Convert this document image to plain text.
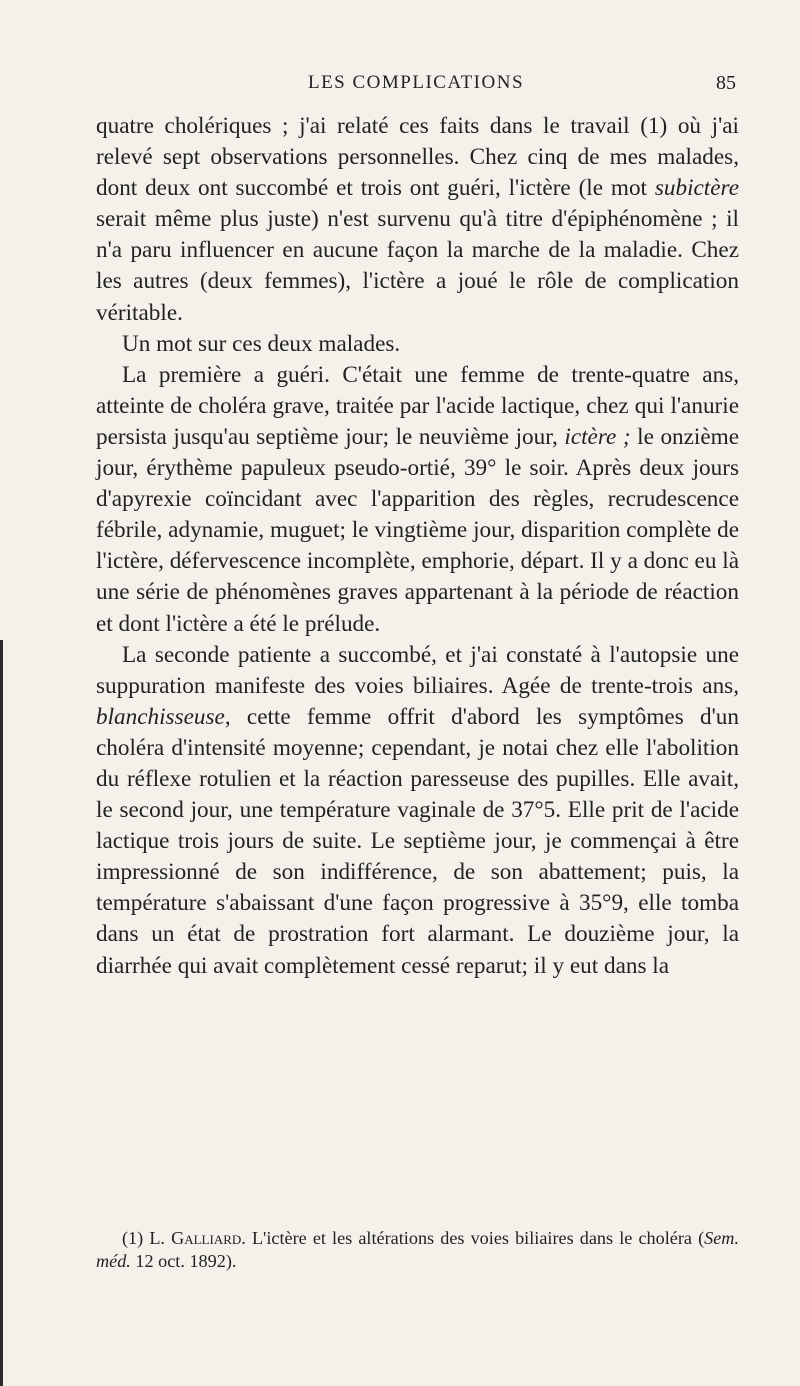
LES COMPLICATIONS	85

quatre cholériques ; j'ai relaté ces faits dans le travail (1) où j'ai relevé sept observations personnelles. Chez cinq de mes malades, dont deux ont succombé et trois ont guéri, l'ictère (le mot subictère serait même plus juste) n'est survenu qu'à titre d'épiphénomène ; il n'a paru influencer en aucune façon la marche de la maladie. Chez les autres (deux femmes), l'ictère a joué le rôle de complication véritable.

Un mot sur ces deux malades.

La première a guéri. C'était une femme de trente-quatre ans, atteinte de choléra grave, traitée par l'acide lactique, chez qui l'anurie persista jusqu'au septième jour; le neuvième jour, ictère ; le onzième jour, érythème papuleux pseudo-ortié, 39° le soir. Après deux jours d'apyrexie coïncidant avec l'apparition des règles, recrudescence fébrile, adynamie, muguet; le vingtième jour, disparition complète de l'ictère, défervescence incomplète, emphorie, départ. Il y a donc eu là une série de phénomènes graves appartenant à la période de réaction et dont l'ictère a été le prélude.

La seconde patiente a succombé, et j'ai constaté à l'autopsie une suppuration manifeste des voies biliaires. Agée de trente-trois ans, blanchisseuse, cette femme offrit d'abord les symptômes d'un choléra d'intensité moyenne; cependant, je notai chez elle l'abolition du réflexe rotulien et la réaction paresseuse des pupilles. Elle avait, le second jour, une température vaginale de 37°5. Elle prit de l'acide lactique trois jours de suite. Le septième jour, je commençai à être impressionné de son indifférence, de son abattement; puis, la température s'abaissant d'une façon progressive à 35°9, elle tomba dans un état de prostration fort alarmant. Le douzième jour, la diarrhée qui avait complètement cessé reparut; il y eut dans la

(1) L. Galliard. L'ictère et les altérations des voies biliaires dans le choléra (Sem. méd. 12 oct. 1892).
